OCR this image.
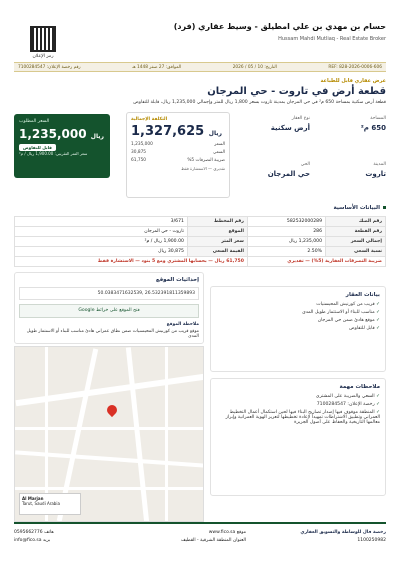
حسام بن مهدي بن علي امطيلق - وسيط عقاري (فرد)
Hussam Mahdi Mutliaq - Real Estate Broker
رمز الإعلان
REF: 828-2026-0006-606
التاريخ: 10 / 05 / 2026
الموافق: 27 صفر 1448 هـ
رقم رخصة الإعلان: 7100284547
عرض عقاري قابل للطباعة
قطعة أرض في تاروت - حي المرجان
قطعة أرض سكنية بمساحة 650 م² في حي المرجان بمدينة تاروت بسعر 1,800 ريال للمتر وإجمالي 1,235,000 ريال، قابلة للتفاوض
المساحة
650 م²
نوع العقار
أرض سكنية
المدينة
تاروت
الحي
حي المرجان
التكلفة الإجمالية
1,327,625 ريال
السعر
1,235,000
السعي
30,875
ضريبة التصرفات 5%
61,750
تقديري — الاستشارة فقط
السعر المطلوب
1,235,000 ريال
قابل للتفاوض
سعر المتر التقريبي: 1,900.00 ريال / م²
البيانات الأساسية
رقم الصك	582532000289	رقم المخطط	3/671
رقم القطعة	286	الموقع	تاروت - حي المرجان
إجمالي السعر	1,235,000 ريال	سعر المتر	1,900.00 ريال / م²
نسبة السعي	2.50%	القيمة السعي	30,875 ريال
ضريبة التصرفات العقارية (5%) — تقديري		61,750 ريال — بحسابها المشتري ومع 5 بنود — الاستشارة فقط	
بيانات العقار
✓ قريب من كورنيش المحيسنيات
✓ مناسب للبناء أو الاستثمار طويل المدى
✓ موقع هادئ ضمن حي المرجان
✓ قابل للتفاوض
ملاحظات مهمة
✓ السعي والضريبة على المشتري
✓ رخصة الإعلان: 7100284547
✓ المنطقة موقوف فيها إصدار تصاريح البناء فيها لحين استكمال أعمال التخطيط العمراني وتطبيق الاشتراطات تمهيداً لإعادة تخطيطها لتعزيز الهوية العمرانية وإبراز معالمها التاريخية والحفاظ على أصول الجزيرة
إحداثيات الموقع
50.0383471632539, 26.532391811359893
فتح الموقع على خرائط Google
ملاحظة الموقع
موقع قريب من كورنيش المحيسنيات ضمن نطاق عمراني هادئ مناسب للبناء أو الاستثمار طويل المدى
Al Marjan
Tarut, Saudi Arabia
رخصة فال للوساطة والتسويق العقاري
1100250982
موقع www.fico.sa
العنوان المنطقة الشرقية - القطيف
هاتف 0595662776
بريد info@fico.sa
